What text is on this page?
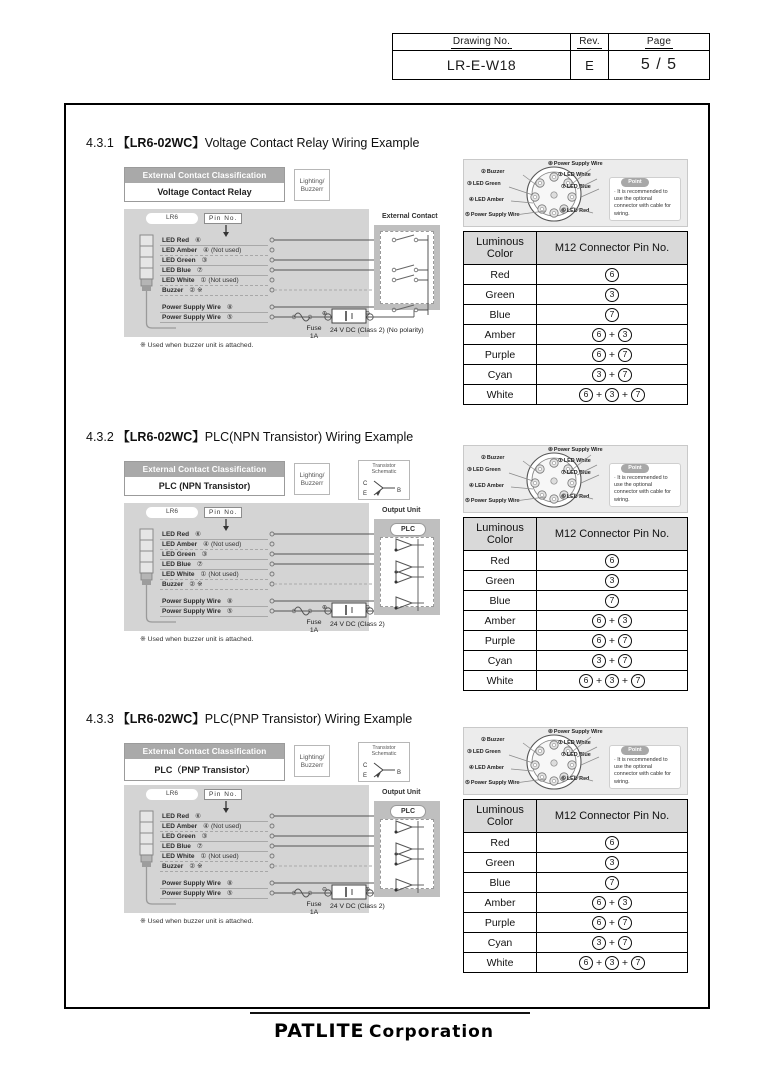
Drawing No.	Rev.	Page
LR-E-W18	E	5 / 5
4.3.1 【LR6-02WC】Voltage Contact Relay Wiring Example
External Contact Classification
Voltage Contact Relay
Lighting/
Buzzerr
LR6	Pin No.
LED Red ⑥
LED Amber ④ (Not used)
LED Green ③
LED Blue ⑦
LED White ① (Not used)
Buzzer ② ※
Power Supply Wire ⑧
Power Supply Wire ⑤	⊕	⊖
Fuse
1A
24 V DC (Class 2) (No polarity)
※ Used when buzzer unit is attached.
External Contact
②Buzzer
③LED Green
④LED Amber
⑤Power Supply Wire
⑧Power Supply Wire
①LED White
⑦LED Blue
⑥LED Red
Point
· It is recommended to use the optional connector with cable for wiring.
Luminous
Color	M12 Connector Pin No.
Red	6
Green	3
Blue	7
Amber	6 + 3
Purple	6 + 7
Cyan	3 + 7
White	6 + 3 + 7
4.3.2 【LR6-02WC】PLC(NPN Transistor) Wiring Example
External Contact Classification
PLC (NPN Transistor)
Lighting/
Buzzerr
Transistor
Schematic
C
E	B
LR6	Pin No.
LED Red ⑥
LED Amber ④ (Not used)
LED Green ③
LED Blue ⑦
LED White ① (Not used)
Buzzer ② ※
Power Supply Wire ⑧
Power Supply Wire ⑤	⊕	⊖
Fuse
1A
24 V DC (Class 2)
※ Used when buzzer unit is attached.
Output Unit
PLC
②Buzzer
③LED Green
④LED Amber
⑤Power Supply Wire
⑧Power Supply Wire
①LED White
⑦LED Blue
⑥LED Red
Point
· It is recommended to use the optional connector with cable for wiring.
Luminous
Color	M12 Connector Pin No.
Red	6
Green	3
Blue	7
Amber	6 + 3
Purple	6 + 7
Cyan	3 + 7
White	6 + 3 + 7
4.3.3 【LR6-02WC】PLC(PNP Transistor) Wiring Example
External Contact Classification
PLC（PNP Transistor）
Lighting/
Buzzerr
Transistor
Schematic
C
E	B
LR6	Pin No.
LED Red ⑥
LED Amber ④ (Not used)
LED Green ③
LED Blue ⑦
LED White ① (Not used)
Buzzer ② ※
Power Supply Wire ⑧
Power Supply Wire ⑤	⊖	⊕
Fuse
1A
24 V DC (Class 2)
※ Used when buzzer unit is attached.
Output Unit
PLC
②Buzzer
③LED Green
④LED Amber
⑤Power Supply Wire
⑧Power Supply Wire
①LED White
⑦LED Blue
⑥LED Red
Point
· It is recommended to use the optional connector with cable for wiring.
Luminous
Color	M12 Connector Pin No.
Red	6
Green	3
Blue	7
Amber	6 + 3
Purple	6 + 7
Cyan	3 + 7
White	6 + 3 + 7
PATLITE Corporation
